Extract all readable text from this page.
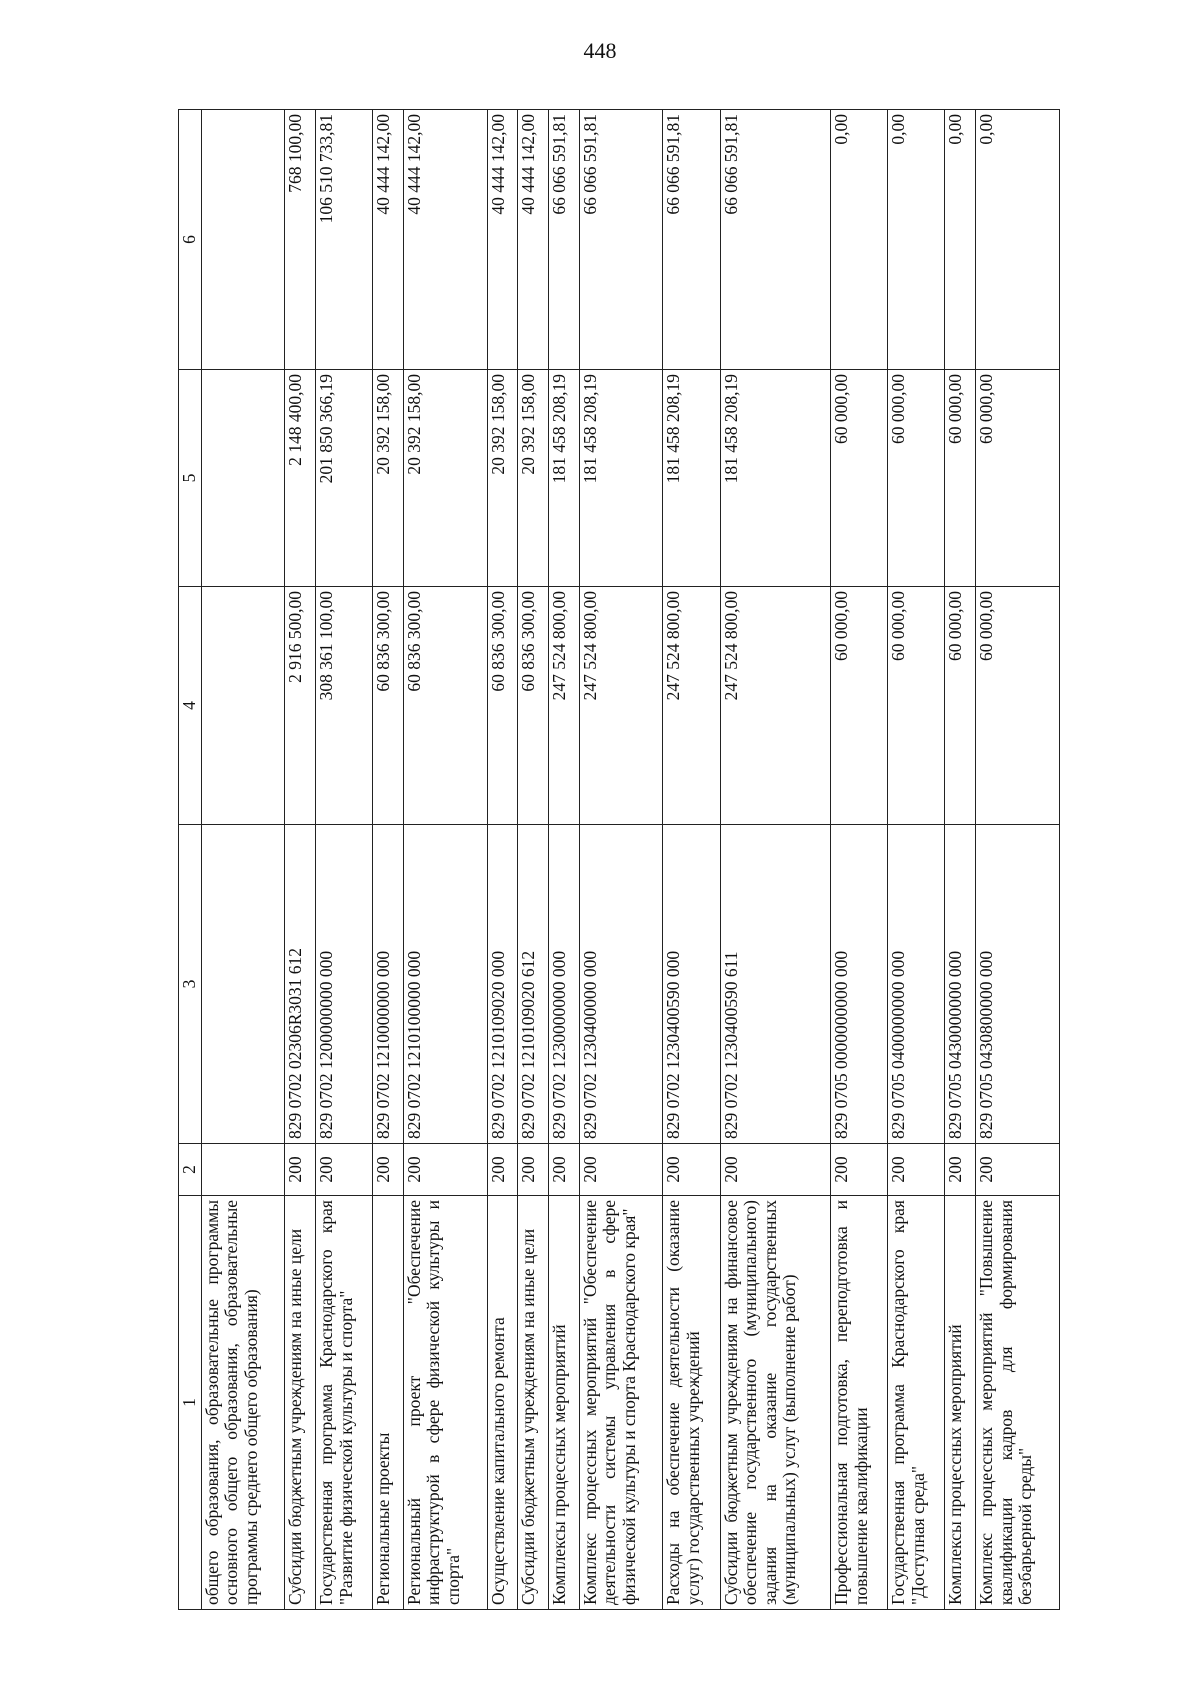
448
1	2	3	4	5	6
общего образования, образовательные программы основного общего образования, образовательные программы среднего общего образования)					
Субсидии бюджетным учреждениям на иные цели	200	829 0702 02306R3031 612	2 916 500,00	2 148 400,00	768 100,00
Государственная программа Краснодарского края "Развитие физической культуры и спорта"	200	829 0702 1200000000 000	308 361 100,00	201 850 366,19	106 510 733,81
Региональные проекты	200	829 0702 1210000000 000	60 836 300,00	20 392 158,00	40 444 142,00
Региональный проект "Обеспечение инфраструктурой в сфере физической культуры и спорта"	200	829 0702 1210100000 000	60 836 300,00	20 392 158,00	40 444 142,00
Осуществление капитального ремонта	200	829 0702 1210109020 000	60 836 300,00	20 392 158,00	40 444 142,00
Субсидии бюджетным учреждениям на иные цели	200	829 0702 1210109020 612	60 836 300,00	20 392 158,00	40 444 142,00
Комплексы процессных мероприятий	200	829 0702 1230000000 000	247 524 800,00	181 458 208,19	66 066 591,81
Комплекс процессных мероприятий "Обеспечение деятельности системы управления в сфере физической культуры и спорта Краснодарского края"	200	829 0702 1230400000 000	247 524 800,00	181 458 208,19	66 066 591,81
Расходы на обеспечение деятельности (оказание услуг) государственных учреждений	200	829 0702 1230400590 000	247 524 800,00	181 458 208,19	66 066 591,81
Субсидии бюджетным учреждениям на финансовое обеспечение государственного (муниципального) задания на оказание государственных (муниципальных) услуг (выполнение работ)	200	829 0702 1230400590 611	247 524 800,00	181 458 208,19	66 066 591,81
Профессиональная подготовка, переподготовка и повышение квалификации	200	829 0705 0000000000 000	60 000,00	60 000,00	0,00
Государственная программа Краснодарского края "Доступная среда"	200	829 0705 0400000000 000	60 000,00	60 000,00	0,00
Комплексы процессных мероприятий	200	829 0705 0430000000 000	60 000,00	60 000,00	0,00
Комплекс процессных мероприятий "Повышение квалификации кадров для формирования безбарьерной среды"	200	829 0705 0430800000 000	60 000,00	60 000,00	0,00
